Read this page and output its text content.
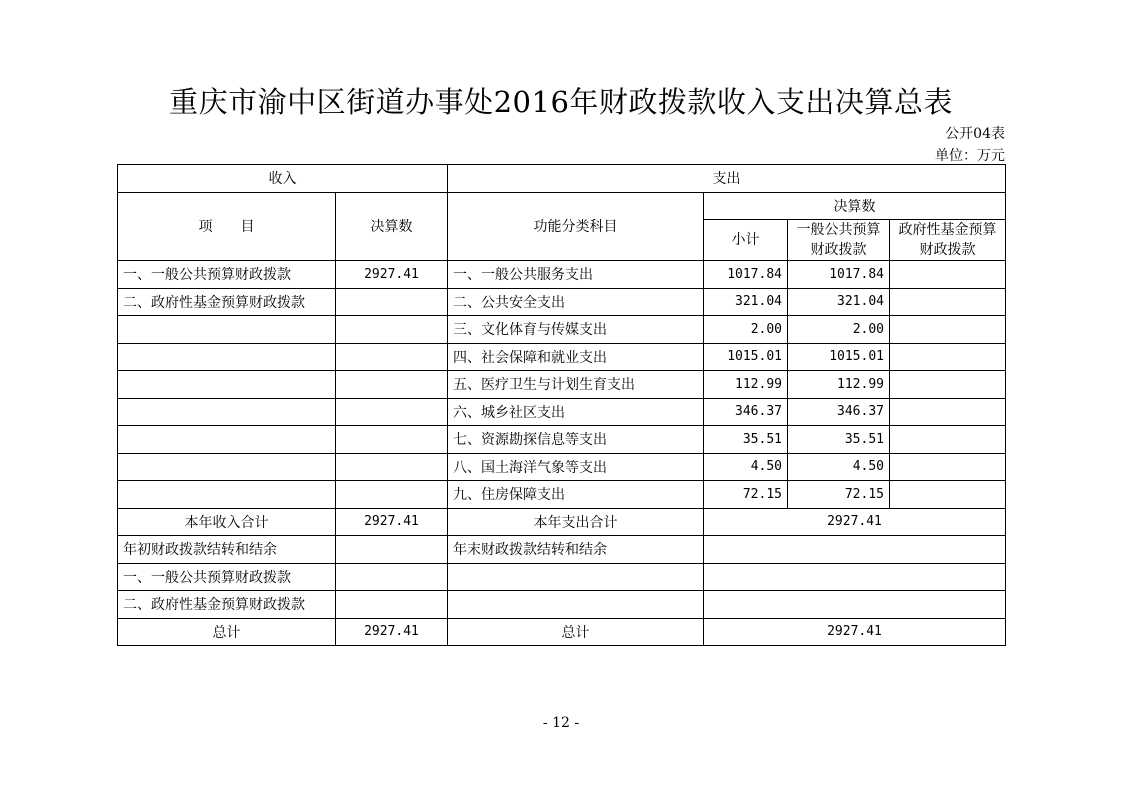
重庆市渝中区街道办事处2016年财政拨款收入支出决算总表
公开04表
单位：万元
收入		支出			
项　　目	决算数	功能分类科目	决算数		
			小计	一般公共预算财政拨款	政府性基金预算财政拨款
一、一般公共预算财政拨款	2927.41	一、一般公共服务支出	1017.84	1017.84	
二、政府性基金预算财政拨款		二、公共安全支出	321.04	321.04	
		三、文化体育与传媒支出	2.00	2.00	
		四、社会保障和就业支出	1015.01	1015.01	
		五、医疗卫生与计划生育支出	112.99	112.99	
		六、城乡社区支出	346.37	346.37	
		七、资源勘探信息等支出	35.51	35.51	
		八、国土海洋气象等支出	4.50	4.50	
		九、住房保障支出	72.15	72.15	
本年收入合计	2927.41	本年支出合计	2927.41		
年初财政拨款结转和结余		年末财政拨款结转和结余			
一、一般公共预算财政拨款					
二、政府性基金预算财政拨款					
总计	2927.41	总计	2927.41		
- 12 -
